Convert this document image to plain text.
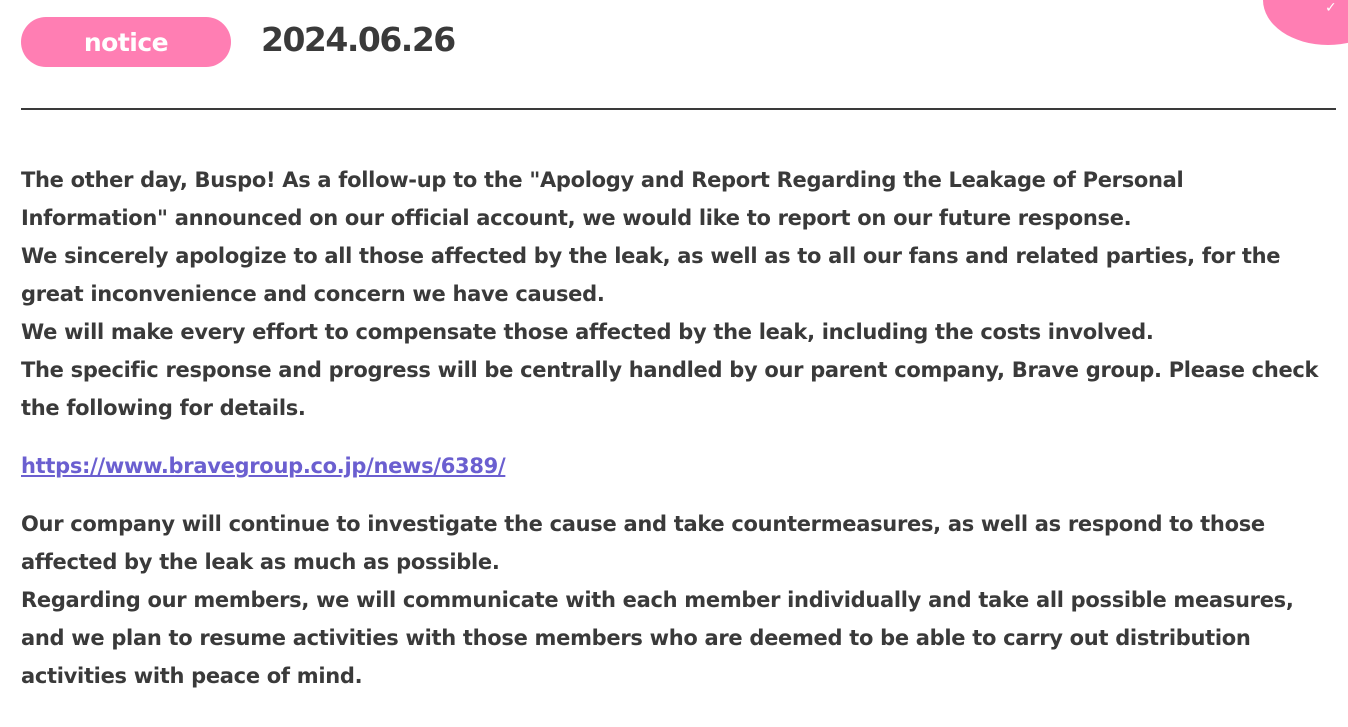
✓
notice	2024.06.26

The other day, Buspo! As a follow-up to the "Apology and Report Regarding the Leakage of Personal Information" announced on our official account, we would like to report on our future response.

We sincerely apologize to all those affected by the leak, as well as to all our fans and related parties, for the great inconvenience and concern we have caused.

We will make every effort to compensate those affected by the leak, including the costs involved.

The specific response and progress will be centrally handled by our parent company, Brave group. Please check the following for details.

https://www.bravegroup.co.jp/news/6389/

Our company will continue to investigate the cause and take countermeasures, as well as respond to those affected by the leak as much as possible.

Regarding our members, we will communicate with each member individually and take all possible measures, and we plan to resume activities with those members who are deemed to be able to carry out distribution activities with peace of mind.
